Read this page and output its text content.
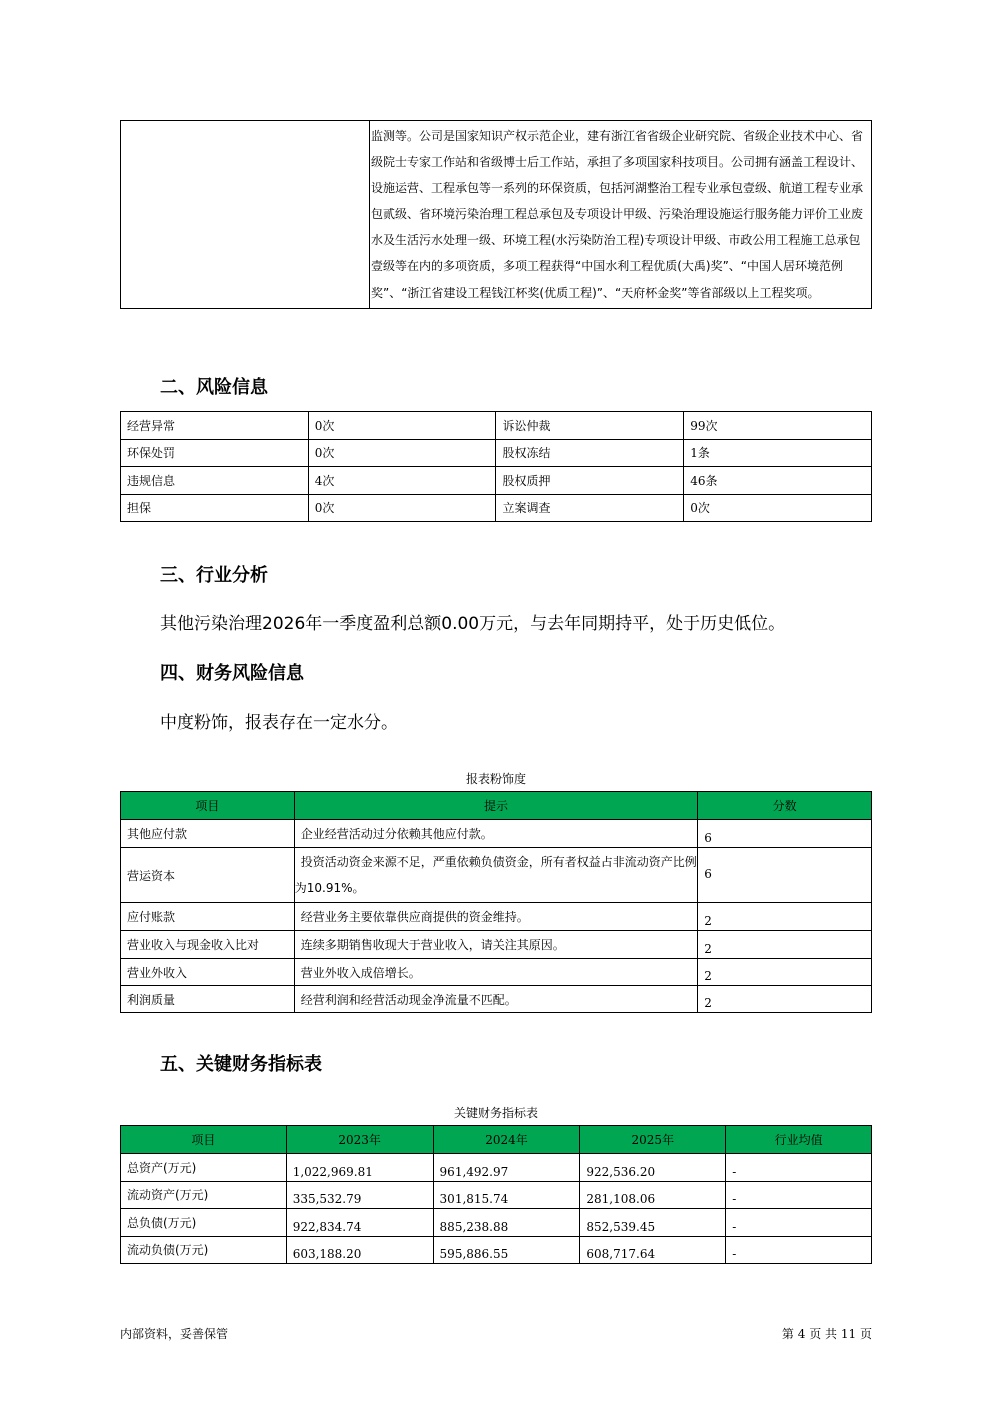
	监测等。公司是国家知识产权示范企业，建有浙江省省级企业研究院、省级企业技术中心、省级院士专家工作站和省级博士后工作站，承担了多项国家科技项目。公司拥有涵盖工程设计、设施运营、工程承包等一系列的环保资质，包括河湖整治工程专业承包壹级、航道工程专业承包贰级、省环境污染治理工程总承包及专项设计甲级、污染治理设施运行服务能力评价工业废水及生活污水处理一级、环境工程(水污染防治工程)专项设计甲级、市政公用工程施工总承包壹级等在内的多项资质，多项工程获得“中国水利工程优质(大禹)奖”、“中国人居环境范例奖”、“浙江省建设工程钱江杯奖(优质工程)”、“天府杯金奖”等省部级以上工程奖项。
二、风险信息
经营异常	0次	诉讼仲裁	99次
环保处罚	0次	股权冻结	1条
违规信息	4次	股权质押	46条
担保	0次	立案调查	0次
三、行业分析
其他污染治理2026年一季度盈利总额0.00万元，与去年同期持平，处于历史低位。
四、财务风险信息
中度粉饰，报表存在一定水分。
报表粉饰度
项目	提示	分数
其他应付款	企业经营活动过分依赖其他应付款。	6
营运资本	投资活动资金来源不足，严重依赖负债资金，所有者权益占非流动资产比例为10.91%。	6
应付账款	经营业务主要依靠供应商提供的资金维持。	2
营业收入与现金收入比对	连续多期销售收现大于营业收入，请关注其原因。	2
营业外收入	营业外收入成倍增长。	2
利润质量	经营利润和经营活动现金净流量不匹配。	2
五、关键财务指标表
关键财务指标表
项目	2023年	2024年	2025年	行业均值
总资产(万元)	1,022,969.81	961,492.97	922,536.20	-
流动资产(万元)	335,532.79	301,815.74	281,108.06	-
总负债(万元)	922,834.74	885,238.88	852,539.45	-
流动负债(万元)	603,188.20	595,886.55	608,717.64	-
内部资料，妥善保管	第 4 页 共 11 页
